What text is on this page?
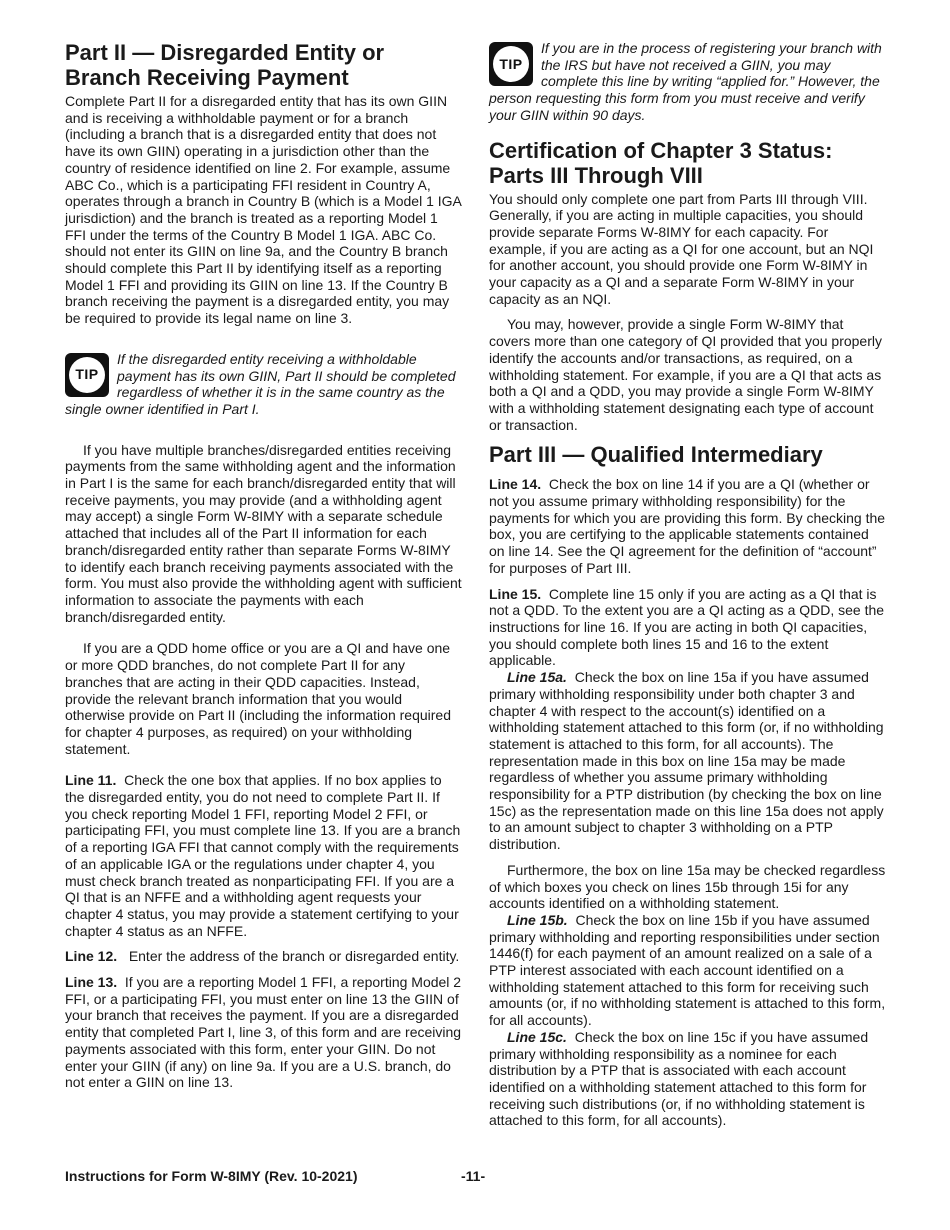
Part II — Disregarded Entity or Branch Receiving Payment

Complete Part II for a disregarded entity that has its own GIIN and is receiving a withholdable payment or for a branch (including a branch that is a disregarded entity that does not have its own GIIN) operating in a jurisdiction other than the country of residence identified on line 2. For example, assume ABC Co., which is a participating FFI resident in Country A, operates through a branch in Country B (which is a Model 1 IGA jurisdiction) and the branch is treated as a reporting Model 1 FFI under the terms of the Country B Model 1 IGA. ABC Co. should not enter its GIIN on line 9a, and the Country B branch should complete this Part II by identifying itself as a reporting Model 1 FFI and providing its GIIN on line 13. If the Country B branch receiving the payment is a disregarded entity, you may be required to provide its legal name on line 3.

TIP
If the disregarded entity receiving a withholdable payment has its own GIIN, Part II should be completed regardless of whether it is in the same country as the single owner identified in Part I.

If you have multiple branches/disregarded entities receiving payments from the same withholding agent and the information in Part I is the same for each branch/disregarded entity that will receive payments, you may provide (and a withholding agent may accept) a single Form W-8IMY with a separate schedule attached that includes all of the Part II information for each branch/disregarded entity rather than separate Forms W-8IMY to identify each branch receiving payments associated with the form. You must also provide the withholding agent with sufficient information to associate the payments with each branch/disregarded entity.

If you are a QDD home office or you are a QI and have one or more QDD branches, do not complete Part II for any branches that are acting in their QDD capacities. Instead, provide the relevant branch information that you would otherwise provide on Part II (including the information required for chapter 4 purposes, as required) on your withholding statement.

Line 11. Check the one box that applies. If no box applies to the disregarded entity, you do not need to complete Part II. If you check reporting Model 1 FFI, reporting Model 2 FFI, or participating FFI, you must complete line 13. If you are a branch of a reporting IGA FFI that cannot comply with the requirements of an applicable IGA or the regulations under chapter 4, you must check branch treated as nonparticipating FFI. If you are a QI that is an NFFE and a withholding agent requests your chapter 4 status, you may provide a statement certifying to your chapter 4 status as an NFFE.

Line 12. Enter the address of the branch or disregarded entity.

Line 13. If you are a reporting Model 1 FFI, a reporting Model 2 FFI, or a participating FFI, you must enter on line 13 the GIIN of your branch that receives the payment. If you are a disregarded entity that completed Part I, line 3, of this form and are receiving payments associated with this form, enter your GIIN. Do not enter your GIIN (if any) on line 9a. If you are a U.S. branch, do not enter a GIIN on line 13.

TIP
If you are in the process of registering your branch with the IRS but have not received a GIIN, you may complete this line by writing “applied for.” However, the person requesting this form from you must receive and verify your GIIN within 90 days.
Certification of Chapter 3 Status: Parts III Through VIII

You should only complete one part from Parts III through VIII. Generally, if you are acting in multiple capacities, you should provide separate Forms W-8IMY for each capacity. For example, if you are acting as a QI for one account, but an NQI for another account, you should provide one Form W-8IMY in your capacity as a QI and a separate Form W-8IMY in your capacity as an NQI.

You may, however, provide a single Form W-8IMY that covers more than one category of QI provided that you properly identify the accounts and/or transactions, as required, on a withholding statement. For example, if you are a QI that acts as both a QI and a QDD, you may provide a single Form W-8IMY with a withholding statement designating each type of account or transaction.

Part III — Qualified Intermediary

Line 14. Check the box on line 14 if you are a QI (whether or not you assume primary withholding responsibility) for the payments for which you are providing this form. By checking the box, you are certifying to the applicable statements contained on line 14. See the QI agreement for the definition of “account” for purposes of Part III.

Line 15. Complete line 15 only if you are acting as a QI that is not a QDD. To the extent you are a QI acting as a QDD, see the instructions for line 16. If you are acting in both QI capacities, you should complete both lines 15 and 16 to the extent applicable.

Line 15a. Check the box on line 15a if you have assumed primary withholding responsibility under both chapter 3 and chapter 4 with respect to the account(s) identified on a withholding statement attached to this form (or, if no withholding statement is attached to this form, for all accounts). The representation made in this box on line 15a may be made regardless of whether you assume primary withholding responsibility for a PTP distribution (by checking the box on line 15c) as the representation made on this line 15a does not apply to an amount subject to chapter 3 withholding on a PTP distribution.

Furthermore, the box on line 15a may be checked regardless of which boxes you check on lines 15b through 15i for any accounts identified on a withholding statement.

Line 15b. Check the box on line 15b if you have assumed primary withholding and reporting responsibilities under section 1446(f) for each payment of an amount realized on a sale of a PTP interest associated with each account identified on a withholding statement attached to this form for receiving such amounts (or, if no withholding statement is attached to this form, for all accounts).

Line 15c. Check the box on line 15c if you have assumed primary withholding responsibility as a nominee for each distribution by a PTP that is associated with each account identified on a withholding statement attached to this form for receiving such distributions (or, if no withholding statement is attached to this form, for all accounts).

Instructions for Form W-8IMY (Rev. 10-2021)	-11-
